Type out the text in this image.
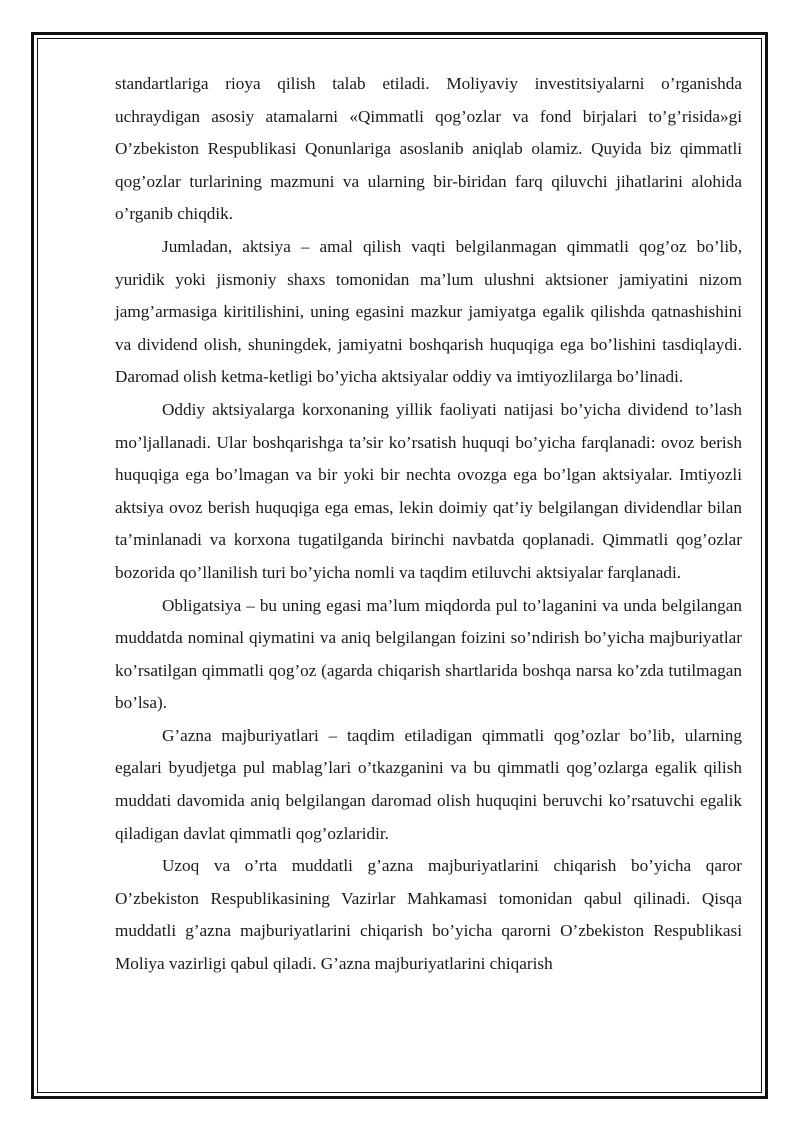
standartlariga rioya qilish talab etiladi. Moliyaviy investitsiyalarni o’rganishda uchraydigan asosiy atamalarni «Qimmatli qog’ozlar va fond birjalari to’g’risida»gi O’zbekiston Respublikasi Qonunlariga asoslanib aniqlab olamiz. Quyida biz qimmatli qog’ozlar turlarining mazmuni va ularning bir-biridan farq qiluvchi jihatlarini alohida o’rganib chiqdik.

Jumladan, aktsiya – amal qilish vaqti belgilanmagan qimmatli qog’oz bo’lib, yuridik yoki jismoniy shaxs tomonidan ma’lum ulushni aktsioner jamiyatini nizom jamg’armasiga kiritilishini, uning egasini mazkur jamiyatga egalik qilishda qatnashishini va dividend olish, shuningdek, jamiyatni boshqarish huquqiga ega bo’lishini tasdiqlaydi. Daromad olish ketma-ketligi bo’yicha aktsiyalar oddiy va imtiyozlilarga bo’linadi.

Oddiy aktsiyalarga korxonaning yillik faoliyati natijasi bo’yicha dividend to’lash mo’ljallanadi. Ular boshqarishga ta’sir ko’rsatish huquqi bo’yicha farqlanadi: ovoz berish huquqiga ega bo’lmagan va bir yoki bir nechta ovozga ega bo’lgan aktsiyalar. Imtiyozli aktsiya ovoz berish huquqiga ega emas, lekin doimiy qat’iy belgilangan dividendlar bilan ta’minlanadi va korxona tugatilganda birinchi navbatda qoplanadi. Qimmatli qog’ozlar bozorida qo’llanilish turi bo’yicha nomli va taqdim etiluvchi aktsiyalar farqlanadi.

Obligatsiya – bu uning egasi ma’lum miqdorda pul to’laganini va unda belgilangan muddatda nominal qiymatini va aniq belgilangan foizini so’ndirish bo’yicha majburiyatlar ko’rsatilgan qimmatli qog’oz (agarda chiqarish shartlarida boshqa narsa ko’zda tutilmagan bo’lsa).

G’azna majburiyatlari – taqdim etiladigan qimmatli qog’ozlar bo’lib, ularning egalari byudjetga pul mablag’lari o’tkazganini va bu qimmatli qog’ozlarga egalik qilish muddati davomida aniq belgilangan daromad olish huquqini beruvchi ko’rsatuvchi egalik qiladigan davlat qimmatli qog’ozlaridir.

Uzoq va o’rta muddatli g’azna majburiyatlarini chiqarish bo’yicha qaror O’zbekiston Respublikasining Vazirlar Mahkamasi tomonidan qabul qilinadi. Qisqa muddatli g’azna majburiyatlarini chiqarish bo’yicha qarorni O’zbekiston Respublikasi Moliya vazirligi qabul qiladi. G’azna majburiyatlarini chiqarish
